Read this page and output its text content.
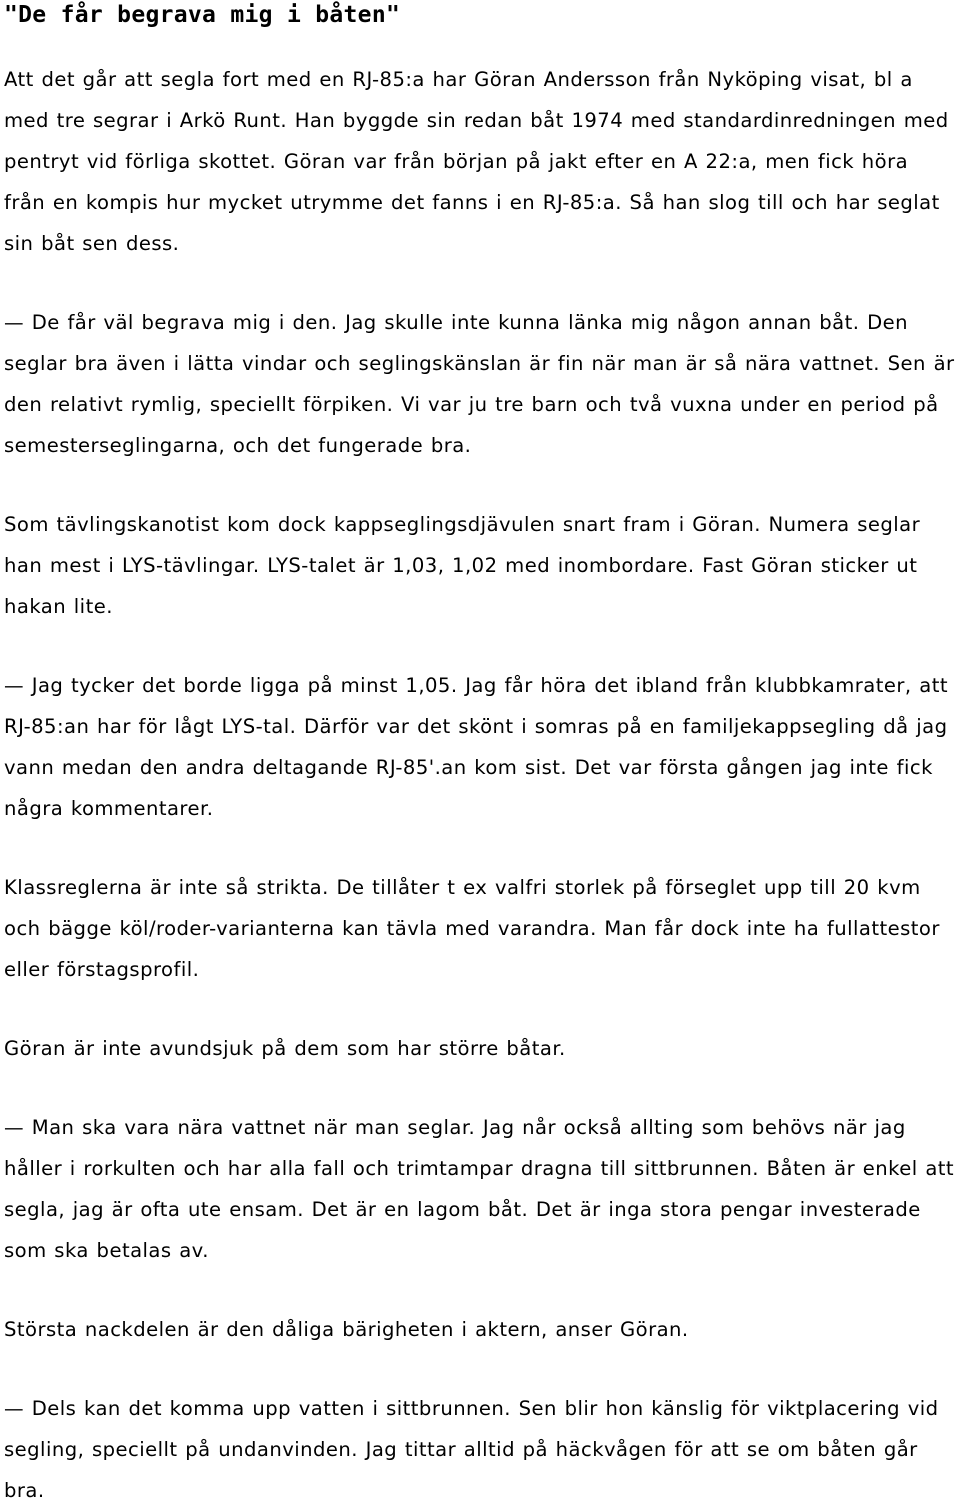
"De får begrava mig i båten"

Att det går att segla fort med en RJ-85:a har Göran Andersson från Nyköping visat, bl a med tre segrar i Arkö Runt. Han byggde sin redan båt 1974 med standardinredningen med pentryt vid förliga skottet. Göran var från början på jakt efter en A 22:a, men fick höra från en kompis hur mycket utrymme det fanns i en RJ-85:a. Så han slog till och har seglat sin båt sen dess.

— De får väl begrava mig i den. Jag skulle inte kunna länka mig någon annan båt. Den seglar bra även i lätta vindar och seglingskänslan är fin när man är så nära vattnet. Sen är den relativt rymlig, speciellt förpiken. Vi var ju tre barn och två vuxna under en period på semesterseglingarna, och det fungerade bra.

Som tävlingskanotist kom dock kappseglingsdjävulen snart fram i Göran. Numera seglar han mest i LYS-tävlingar. LYS-talet är 1,03, 1,02 med inombordare. Fast Göran sticker ut hakan lite.

— Jag tycker det borde ligga på minst 1,05. Jag får höra det ibland från klubbkamrater, att RJ-85:an har för lågt LYS-tal. Därför var det skönt i somras på en familjekappsegling då jag vann medan den andra deltagande RJ-85'.an kom sist. Det var första gången jag inte fick några kommentarer.

Klassreglerna är inte så strikta. De tillåter t ex valfri storlek på förseglet upp till 20 kvm och bägge köl/roder-varianterna kan tävla med varandra. Man får dock inte ha fullattestor eller förstagsprofil.

Göran är inte avundsjuk på dem som har större båtar.

— Man ska vara nära vattnet när man seglar. Jag når också allting som behövs när jag håller i rorkulten och har alla fall och trimtampar dragna till sittbrunnen. Båten är enkel att segla, jag är ofta ute ensam. Det är en lagom båt. Det är inga stora pengar investerade som ska betalas av.

Största nackdelen är den dåliga bärigheten i aktern, anser Göran.

— Dels kan det komma upp vatten i sittbrunnen. Sen blir hon känslig för viktplacering vid segling, speciellt på undanvinden. Jag tittar alltid på häckvågen för att se om båten går bra.
